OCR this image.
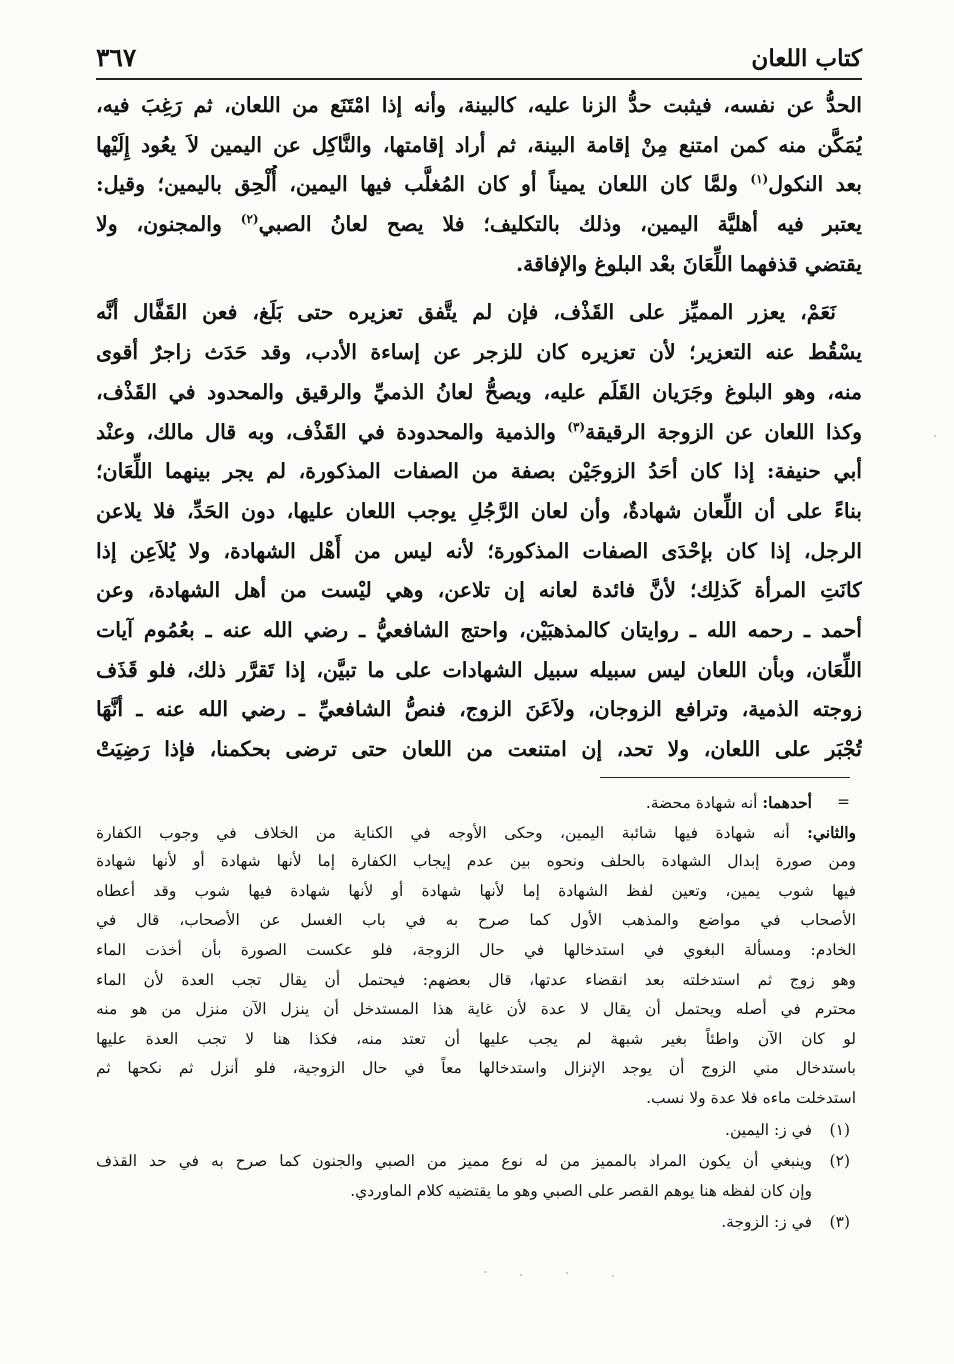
كتاب اللعان
٣٦٧
الحدُّ عن نفسه، فيثبت حدُّ الزنا عليه، كالبينة، وأنه إذا امْتَنَع من اللعان، ثم رَغِبَ فيه،
يُمَكَّن منه كمن امتنع مِنْ إقامة البينة، ثم أراد إقامتها، والنَّاكِل عن اليمين لاَ يعُود إِلَيْها
بعد النكول$^{(١)}$ ولمَّا كان اللعان يميناً أو كان المُغلَّب فيها اليمين، أُلْحِق باليمين؛ وقيل:
يعتبر فيه أهليَّة اليمين، وذلك بالتكليف؛ فلا يصح لعانُ الصبي$^{(٢)}$ والمجنون، ولا
يقتضي قذفهما اللِّعَانَ بعْد البلوغ والإفاقة.
نَعَمْ، يعزر المميِّز على القَذْف، فإن لم يتَّفق تعزيره حتى بَلَغ، فعن القَفَّال أنَّه
يسْقُط عنه التعزير؛ لأن تعزيره كان للزجر عن إساءة الأدب، وقد حَدَث زاجرٌ أقوى
منه، وهو البلوغ وجَرَيان القَلَم عليه، ويصحُّ لعانُ الذميِّ والرقيق والمحدود في القَذْف،
وكذا اللعان عن الزوجة الرقيقة$^{(٣)}$ والذمية والمحدودة في القَذْف، وبه قال مالك، وعنْد
أبي حنيفة: إذا كان أحَدُ الزوجَيْن بصفة من الصفات المذكورة، لم يجر بينهما اللِّعَان؛
بناءً على أن اللِّعان شهادةٌ، وأن لعان الرَّجُلِ يوجب اللعان عليها، دون الحَدِّ، فلا يلاعن
الرجل، إذا كان بإحْدَى الصفات المذكورة؛ لأنه ليس من أَهْل الشهادة، ولا يُلاَعِن إذا
كانَتِ المرأة كَذلِك؛ لأنَّ فائدة لعانه إن تلاعن، وهي ليْست من أهل الشهادة، وعن
أحمد ـ رحمه الله ـ روايتان كالمذهبَيْن، واحتج الشافعيُّ ـ رضي الله عنه ـ بعُمُوم آيات
اللِّعَان، وبأن اللعان ليس سبيله سبيل الشهادات على ما تبيَّن، إذا تَقرَّر ذلك، فلو قَذَف
زوجته الذمية، وترافع الزوجان، ولاَعَنَ الزوج، فنصُّ الشافعيِّ ـ رضي الله عنه ـ أنَّهَا
تُجْبَر على اللعان، ولا تحد، إن امتنعت من اللعان حتى ترضى بحكمنا، فإذا رَضِيَتْ
=
أحدهما: أنه شهادة محضة.
والثاني: أنه شهادة فيها شائبة اليمين، وحكى الأوجه في الكناية من الخلاف في وجوب الكفارة
ومن صورة إبدال الشهادة بالحلف ونحوه بين عدم إيجاب الكفارة إما لأنها شهادة أو لأنها شهادة
فيها شوب يمين، وتعين لفظ الشهادة إما لأنها شهادة أو لأنها شهادة فيها شوب وقد أعطاه
الأصحاب في مواضع والمذهب الأول كما صرح به في باب الغسل عن الأصحاب، قال في
الخادم: ومسألة البغوي في استدخالها في حال الزوجة، فلو عكست الصورة بأن أخذت الماء
وهو زوج ثم استدخلته بعد انقضاء عدتها، قال بعضهم: فيحتمل أن يقال تجب العدة لأن الماء
محترم في أصله ويحتمل أن يقال لا عدة لأن غاية هذا المستدخل أن ينزل الآن منزل من هو منه
لو كان الآن واطئاً بغير شبهة لم يجب عليها أن تعتد منه، فكذا هنا لا تجب العدة عليها
باستدخال مني الزوج أن يوجد الإنزال واستدخالها معاً في حال الزوجية، فلو أنزل ثم نكحها ثم
استدخلت ماءه فلا عدة ولا نسب.
(١)
في ز: اليمين.
(٢)
وينبغي أن يكون المراد بالمميز من له نوع مميز من الصبي والجنون كما صرح به في حد القذف
وإن كان لفظه هنا يوهم القصر على الصبي وهو ما يقتضيه كلام الماوردي.
(٣)
في ز: الزوجة.
